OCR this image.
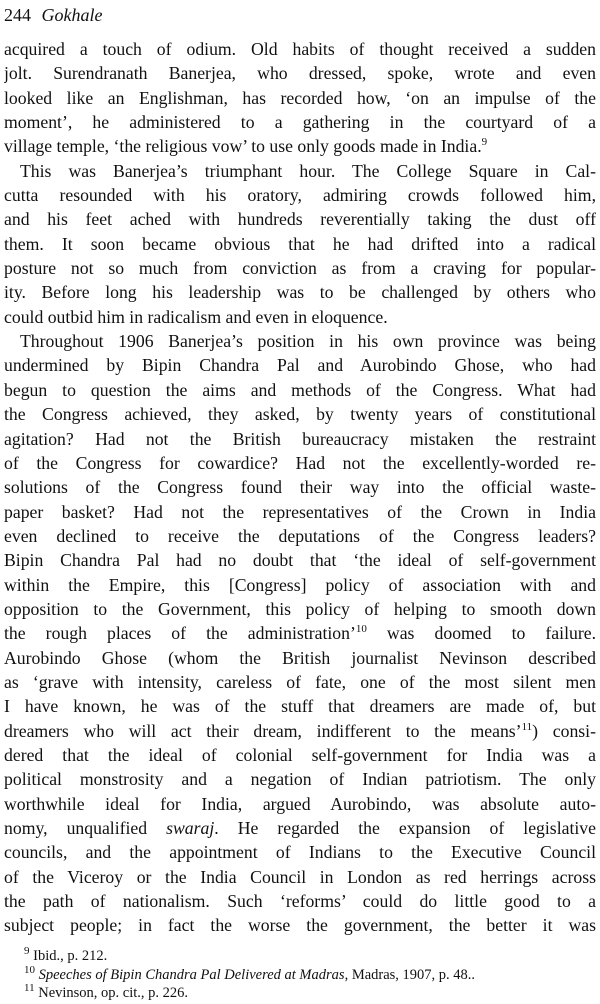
244 Gokhale
acquired a touch of odium. Old habits of thought received a sudden
jolt. Surendranath Banerjea, who dressed, spoke, wrote and even
looked like an Englishman, has recorded how, ‘on an impulse of the
moment’, he administered to a gathering in the courtyard of a
village temple, ‘the religious vow’ to use only goods made in India.$^9$
This was Banerjea’s triumphant hour. The College Square in Cal-
cutta resounded with his oratory, admiring crowds followed him,
and his feet ached with hundreds reverentially taking the dust off
them. It soon became obvious that he had drifted into a radical
posture not so much from conviction as from a craving for popular-
ity. Before long his leadership was to be challenged by others who
could outbid him in radicalism and even in eloquence.
Throughout 1906 Banerjea’s position in his own province was being
undermined by Bipin Chandra Pal and Aurobindo Ghose, who had
begun to question the aims and methods of the Congress. What had
the Congress achieved, they asked, by twenty years of constitutional
agitation? Had not the British bureaucracy mistaken the restraint
of the Congress for cowardice? Had not the excellently-worded re-
solutions of the Congress found their way into the official waste-
paper basket? Had not the representatives of the Crown in India
even declined to receive the deputations of the Congress leaders?
Bipin Chandra Pal had no doubt that ‘the ideal of self-government
within the Empire, this [Congress] policy of association with and
opposition to the Government, this policy of helping to smooth down
the rough places of the administration’$^{10}$ was doomed to failure.
Aurobindo Ghose (whom the British journalist Nevinson described
as ‘grave with intensity, careless of fate, one of the most silent men
I have known, he was of the stuff that dreamers are made of, but
dreamers who will act their dream, indifferent to the means’$^{11}$) consi-
dered that the ideal of colonial self-government for India was a
political monstrosity and a negation of Indian patriotism. The only
worthwhile ideal for India, argued Aurobindo, was absolute auto-
nomy, unqualified swaraj. He regarded the expansion of legislative
councils, and the appointment of Indians to the Executive Council
of the Viceroy or the India Council in London as red herrings across
the path of nationalism. Such ‘reforms’ could do little good to a
subject people; in fact the worse the government, the better it was
$^9$ Ibid., p. 212.
$^{10}$ Speeches of Bipin Chandra Pal Delivered at Madras, Madras, 1907, p. 48..
$^{11}$ Nevinson, op. cit., p. 226.
